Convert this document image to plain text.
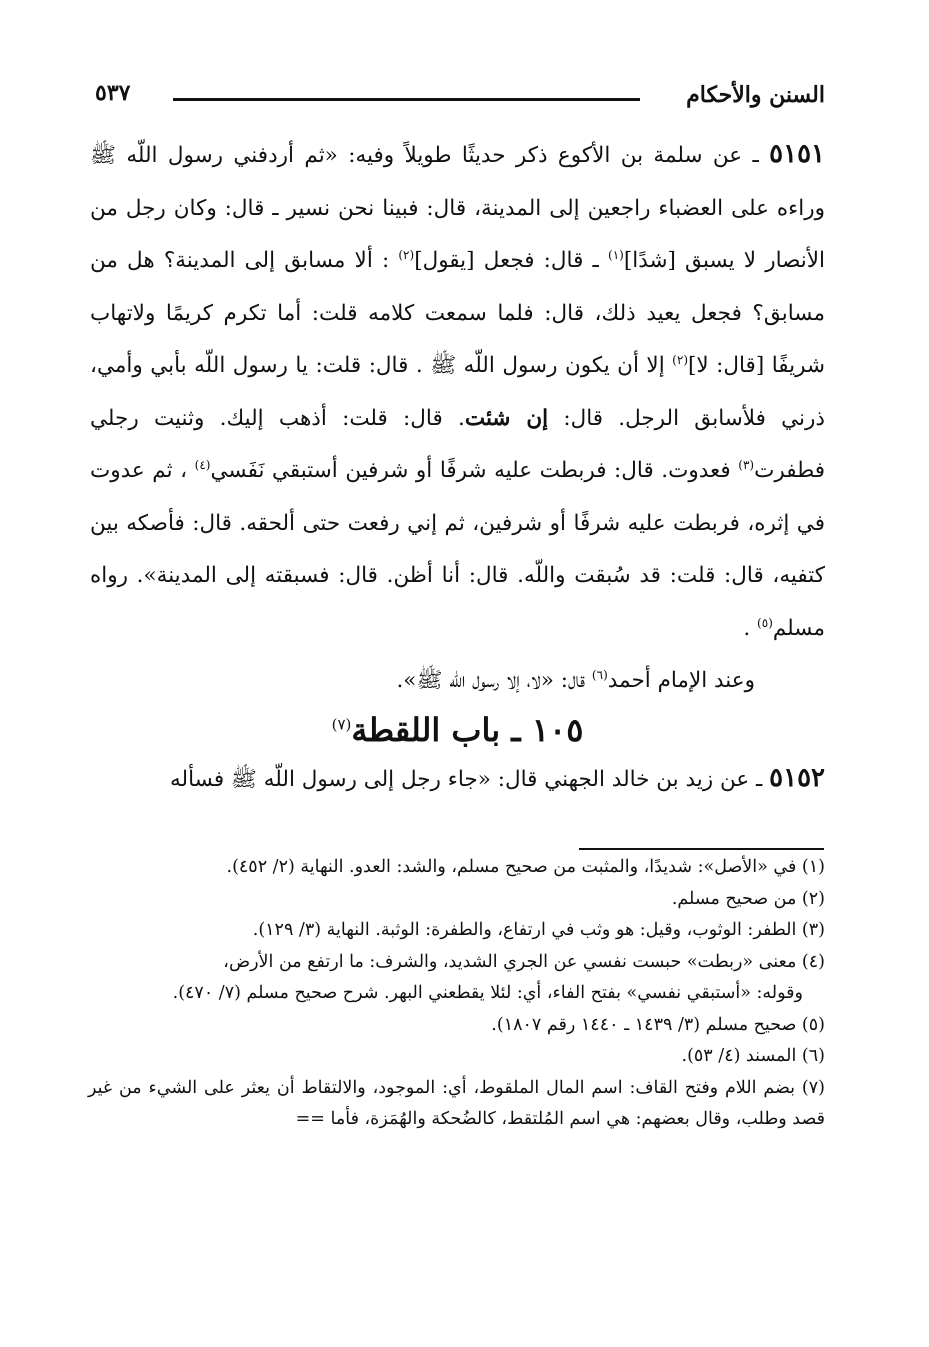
السنن والأحكام
٥٣٧

٥١٥١ ـ عن سلمة بن الأكوع ذكر حديثًا طويلاً وفيه: «ثم أردفني رسول اللّه ﷺ وراءه على العضباء راجعين إلى المدينة، قال: فبينا نحن نسير ـ قال: وكان رجل من الأنصار لا يسبق [شدًا]$^{(١)}$ ـ قال: فجعل [يقول]$^{(٢)}$ : ألا مسابق إلى المدينة؟ هل من مسابق؟ فجعل يعيد ذلك، قال: فلما سمعت كلامه قلت: أما تكرم كريمًا ولاتهاب شريفًا [قال: لا]$^{(٢)}$ إلا أن يكون رسول اللّه ﷺ . قال: قلت: يا رسول اللّه بأبي وأمي، ذرني فلأسابق الرجل. قال: إن شئت. قال: قلت: أذهب إليك. وثنيت رجلي فطفرت$^{(٣)}$ فعدوت. قال: فربطت عليه شرفًا أو شرفين أستبقي نَفَسي$^{(٤)}$ ، ثم عدوت في إثره، فربطت عليه شرفًا أو شرفين، ثم إني رفعت حتى ألحقه. قال: فأصكه بين كتفيه، قال: قلت: قد سُبقت واللّه. قال: أنا أظن. قال: فسبقته إلى المدينة». رواه مسلم$^{(٥)}$ .

وعند الإمام أحمد$^{(٦)}$ قال: «لا، إلا رسول اللّه ﷺ».

١٠٥ ـ باب اللقطة$^{(٧)}$

٥١٥٢ ـ عن زيد بن خالد الجهني قال: «جاء رجل إلى رسول اللّه ﷺ فسأله

(١) في «الأصل»: شديدًا، والمثبت من صحيح مسلم، والشد: العدو. النهاية (٢/ ٤٥٢).

(٢) من صحيح مسلم.

(٣) الطفر: الوثوب، وقيل: هو وثب في ارتفاع، والطفرة: الوثبة. النهاية (٣/ ١٢٩).

(٤) معنى «ربطت» حبست نفسي عن الجري الشديد، والشرف: ما ارتفع من الأرض،

وقوله: «أستبقي نفسي» بفتح الفاء، أي: لئلا يقطعني البهر. شرح صحيح مسلم (٧/ ٤٧٠).

(٥) صحيح مسلم (٣/ ١٤٣٩ ـ ١٤٤٠ رقم ١٨٠٧).

(٦) المسند (٤/ ٥٣).

(٧) بضم اللام وفتح القاف: اسم المال الملقوط، أي: الموجود، والالتقاط أن يعثر على الشيء من غير قصد وطلب، وقال بعضهم: هي اسم المُلتقط، كالضُحكة والهُمَزة، فأما ==
